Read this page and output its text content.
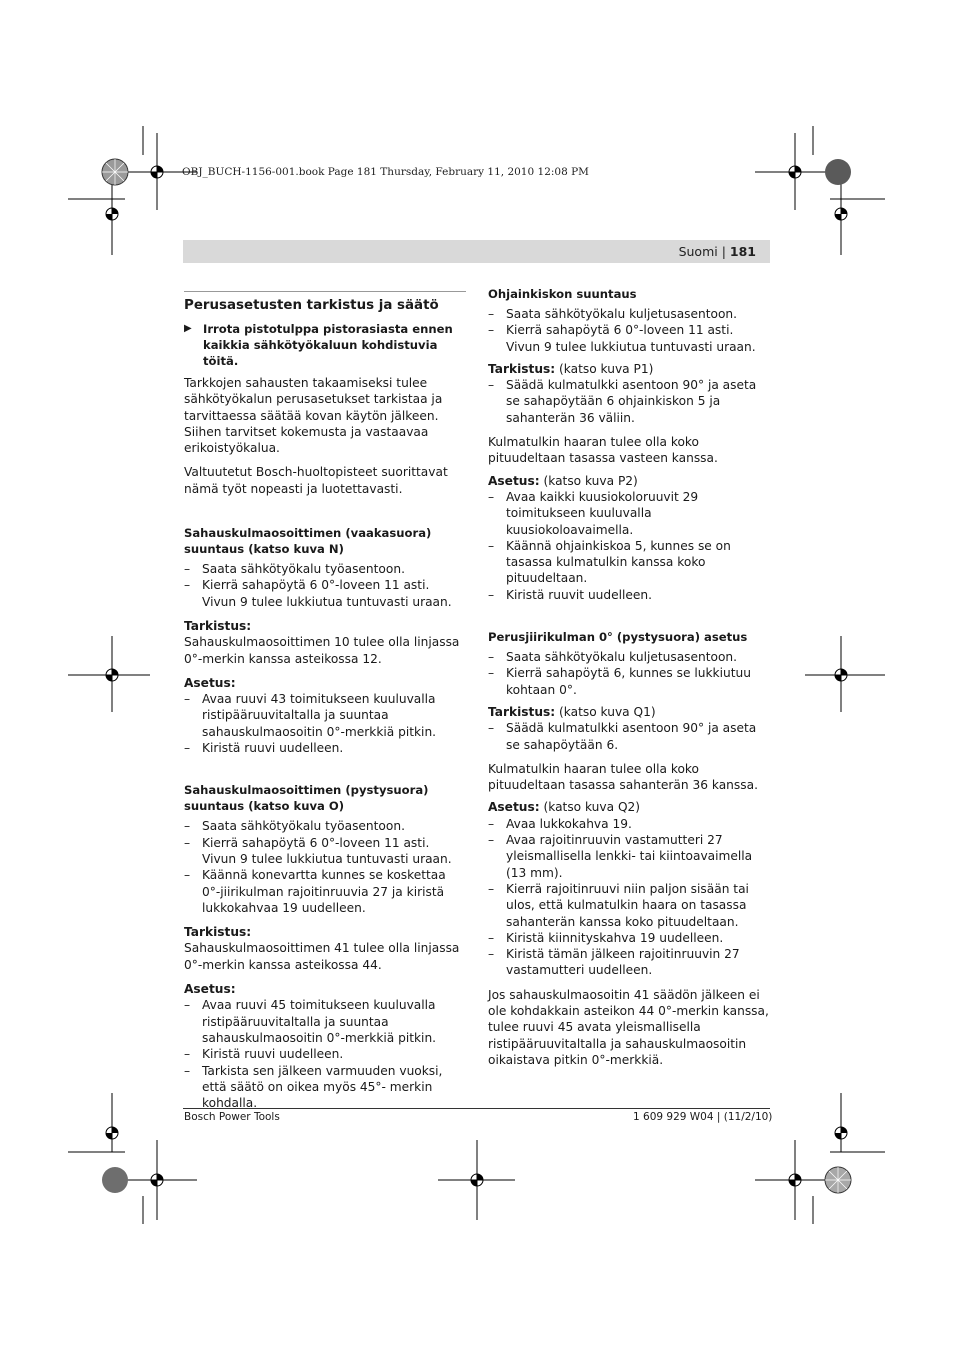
OBJ_BUCH-1156-001.book Page 181 Thursday, February 11, 2010 12:08 PM
Suomi | 181
Perusasetusten tarkistus ja säätö
▶ Irrota pistotulppa pistorasiasta ennen kaikkia sähkötyökaluun kohdistuvia töitä.

Tarkkojen sahausten takaamiseksi tulee sähkötyökalun perusasetukset tarkistaa ja tarvittaessa säätää kovan käytön jälkeen.

Siihen tarvitset kokemusta ja vastaavaa erikoistyökalua.

Valtuutetut Bosch-huoltopisteet suorittavat nämä työt nopeasti ja luotettavasti.

Sahauskulmaosoittimen (vaakasuora) suuntaus (katso kuva N)
– Saata sähkötyökalu työasentoon.
– Kierrä sahapöytä 6 0°-loveen 11 asti. Vivun 9 tulee lukkiutua tuntuvasti uraan.
Tarkistus:

Sahauskulmaosoittimen 10 tulee olla linjassa 0°-merkin kanssa asteikossa 12.

Asetus:
– Avaa ruuvi 43 toimitukseen kuuluvalla ristipääruuvitaltalla ja suuntaa sahauskulmaosoitin 0°-merkkiä pitkin.
– Kiristä ruuvi uudelleen.
Sahauskulmaosoittimen (pystysuora) suuntaus (katso kuva O)
– Saata sähkötyökalu työasentoon.
– Kierrä sahapöytä 6 0°-loveen 11 asti. Vivun 9 tulee lukkiutua tuntuvasti uraan.
– Käännä konevartta kunnes se koskettaa 0°-jiirikulman rajoitinruuvia 27 ja kiristä lukkokahvaa 19 uudelleen.
Tarkistus:

Sahauskulmaosoittimen 41 tulee olla linjassa 0°-merkin kanssa asteikossa 44.

Asetus:
– Avaa ruuvi 45 toimitukseen kuuluvalla ristipääruuvitaltalla ja suuntaa sahauskulmaosoitin 0°-merkkiä pitkin.
– Kiristä ruuvi uudelleen.
– Tarkista sen jälkeen varmuuden vuoksi, että säätö on oikea myös 45°- merkin kohdalla.
Ohjainkiskon suuntaus
– Saata sähkötyökalu kuljetusasentoon.
– Kierrä sahapöytä 6 0°-loveen 11 asti. Vivun 9 tulee lukkiutua tuntuvasti uraan.

Tarkistus: (katso kuva P1)

– Säädä kulmatulkki asentoon 90° ja aseta se sahapöytään 6 ohjainkiskon 5 ja sahanterän 36 väliin.

Kulmatulkin haaran tulee olla koko pituudeltaan tasassa vasteen kanssa.

Asetus: (katso kuva P2)

– Avaa kaikki kuusiokoloruuvit 29 toimitukseen kuuluvalla kuusiokoloavaimella.
– Käännä ohjainkiskoa 5, kunnes se on tasassa kulmatulkin kanssa koko pituudeltaan.
– Kiristä ruuvit uudelleen.
Perusjiirikulman 0° (pystysuora) asetus
– Saata sähkötyökalu kuljetusasentoon.
– Kierrä sahapöytä 6, kunnes se lukkiutuu kohtaan 0°.

Tarkistus: (katso kuva Q1)

– Säädä kulmatulkki asentoon 90° ja aseta se sahapöytään 6.

Kulmatulkin haaran tulee olla koko pituudeltaan tasassa sahanterän 36 kanssa.

Asetus: (katso kuva Q2)

– Avaa lukkokahva 19.
– Avaa rajoitinruuvin vastamutteri 27 yleismallisella lenkki- tai kiintoavaimella (13 mm).
– Kierrä rajoitinruuvi niin paljon sisään tai ulos, että kulmatulkin haara on tasassa sahanterän kanssa koko pituudeltaan.
– Kiristä kiinnityskahva 19 uudelleen.
– Kiristä tämän jälkeen rajoitinruuvin 27 vastamutteri uudelleen.

Jos sahauskulmaosoitin 41 säädön jälkeen ei ole kohdakkain asteikon 44 0°-merkin kanssa, tulee ruuvi 45 avata yleismallisella ristipääruuvitaltalla ja sahauskulmaosoitin oikaistava pitkin 0°-merkkiä.

Bosch Power Tools	1 609 929 W04 | (11/2/10)
